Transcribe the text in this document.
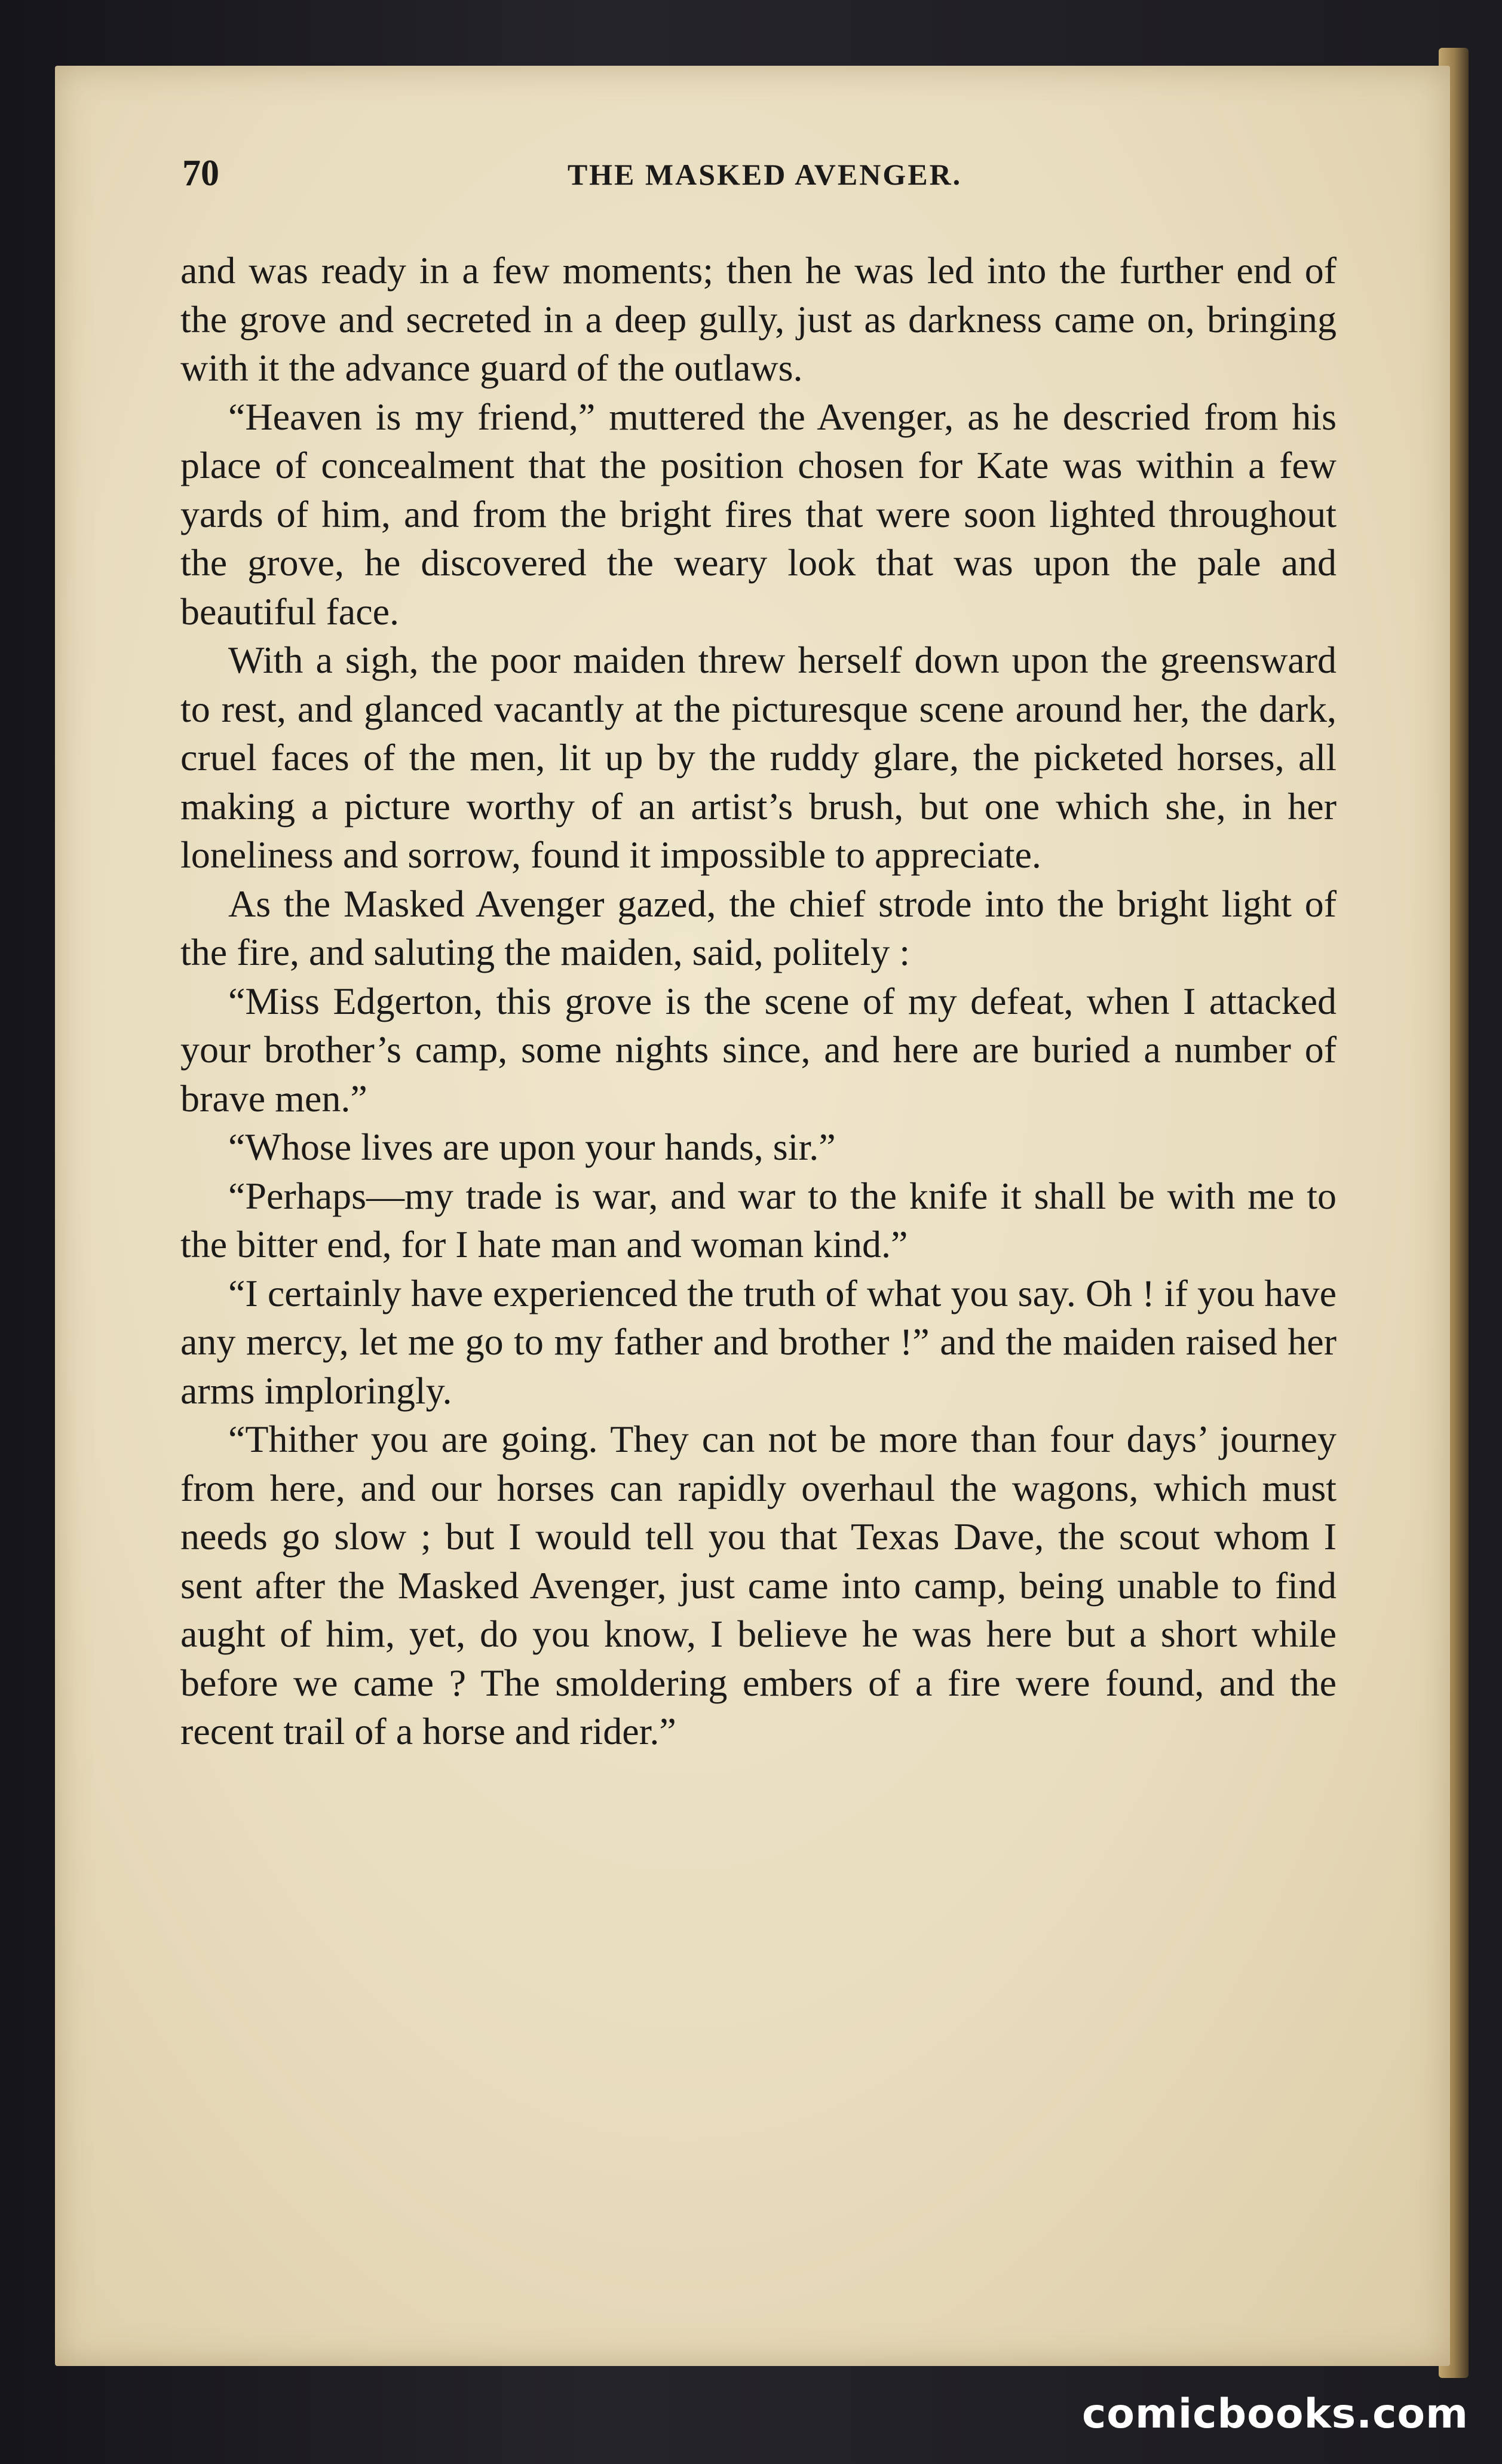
70	THE MASKED AVENGER.

and was ready in a few moments; then he was led into the further end of the grove and secreted in a deep gully, just as darkness came on, bringing with it the advance guard of the outlaws.

“Heaven is my friend,” muttered the Avenger, as he descried from his place of concealment that the position chosen for Kate was within a few yards of him, and from the bright fires that were soon lighted throughout the grove, he discovered the weary look that was upon the pale and beautiful face.

With a sigh, the poor maiden threw herself down upon the greensward to rest, and glanced vacantly at the picturesque scene around her, the dark, cruel faces of the men, lit up by the ruddy glare, the picketed horses, all making a picture worthy of an artist’s brush, but one which she, in her loneliness and sorrow, found it impossible to appreciate.

As the Masked Avenger gazed, the chief strode into the bright light of the fire, and saluting the maiden, said, politely :

“Miss Edgerton, this grove is the scene of my defeat, when I attacked your brother’s camp, some nights since, and here are buried a number of brave men.”

“Whose lives are upon your hands, sir.”

“Perhaps—my trade is war, and war to the knife it shall be with me to the bitter end, for I hate man and woman kind.”

“I certainly have experienced the truth of what you say. Oh ! if you have any mercy, let me go to my father and brother !” and the maiden raised her arms imploringly.

“Thither you are going. They can not be more than four days’ journey from here, and our horses can rapidly overhaul the wagons, which must needs go slow ; but I would tell you that Texas Dave, the scout whom I sent after the Masked Avenger, just came into camp, being unable to find aught of him, yet, do you know, I believe he was here but a short while before we came ? The smoldering embers of a fire were found, and the recent trail of a horse and rider.”

comicbooks.com
